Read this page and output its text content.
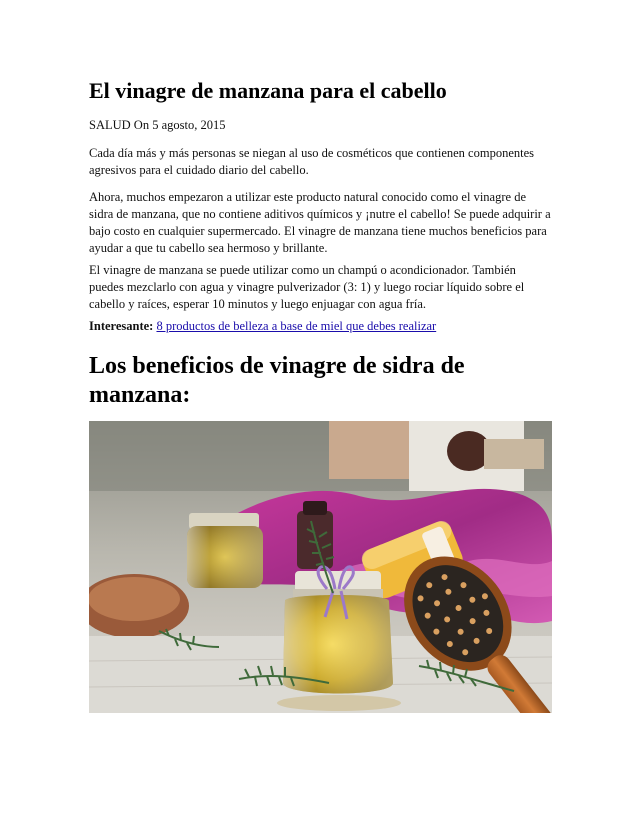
El vinagre de manzana para el cabello
SALUD On 5 agosto, 2015

Cada día más y más personas se niegan al uso de cosméticos que contienen componentes agresivos para el cuidado diario del cabello.

Ahora, muchos empezaron a utilizar este producto natural conocido como el vinagre de sidra de manzana, que no contiene aditivos químicos y ¡nutre el cabello! Se puede adquirir a bajo costo en cualquier supermercado. El vinagre de manzana tiene muchos beneficios para ayudar a que tu cabello sea hermoso y brillante.

El vinagre de manzana se puede utilizar como un champú o acondicionador. También puedes mezclarlo con agua y vinagre pulverizador (3: 1) y luego rociar líquido sobre el cabello y raíces, esperar 10 minutos y luego enjuagar con agua fría.

Interesante: 8 productos de belleza a base de miel que debes realizar

Los beneficios de vinagre de sidra de manzana:
